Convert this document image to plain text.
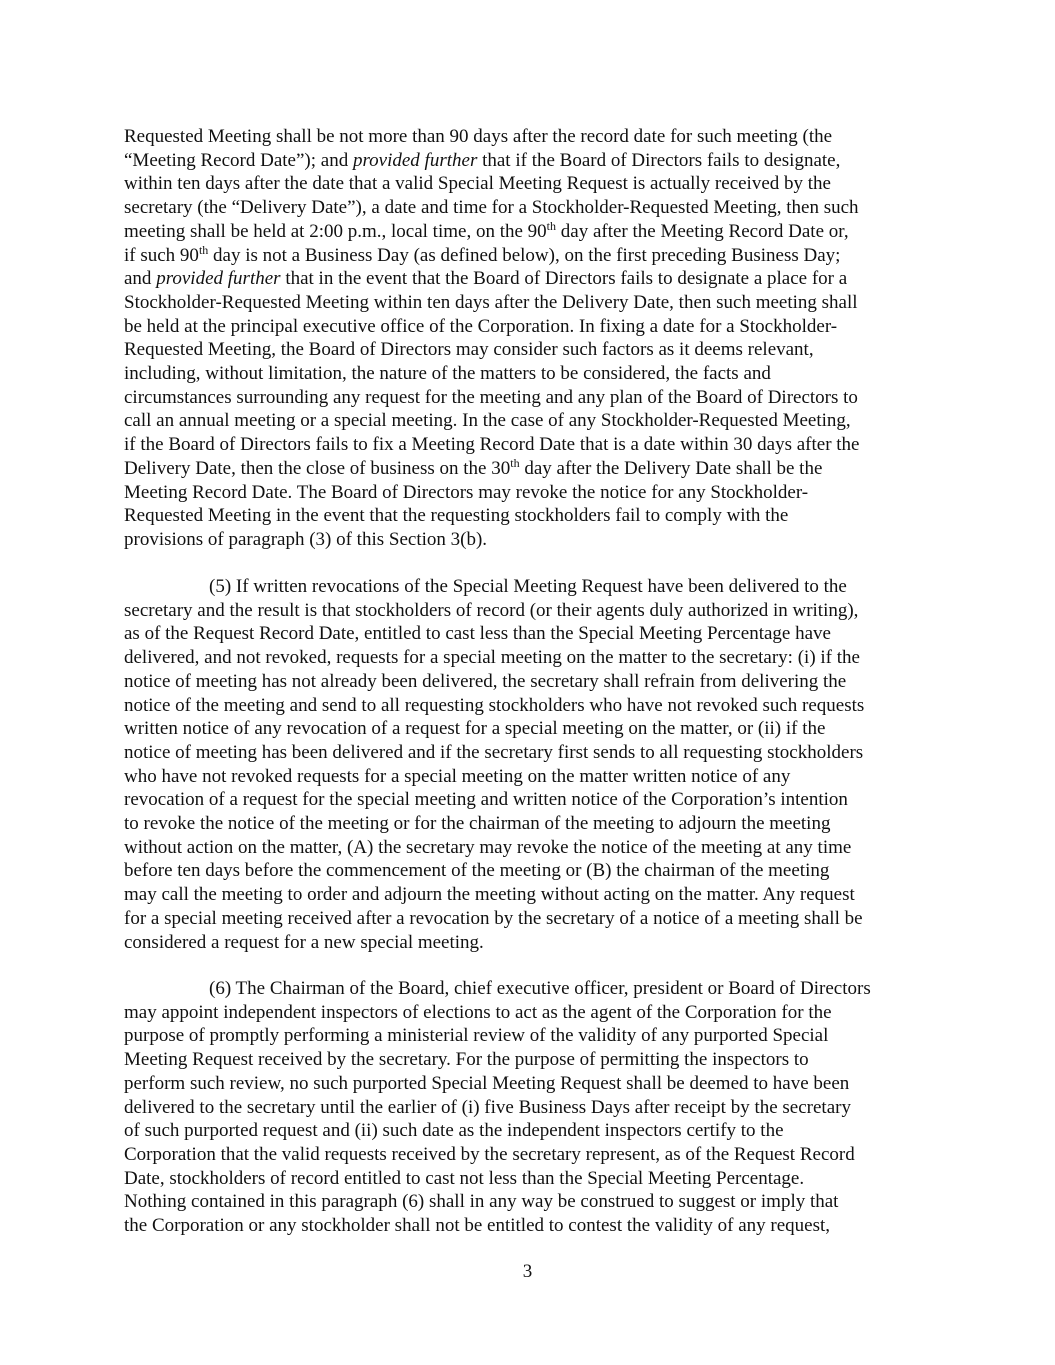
Requested Meeting shall be not more than 90 days after the record date for such meeting (the
“Meeting Record Date”); and provided further that if the Board of Directors fails to designate,
within ten days after the date that a valid Special Meeting Request is actually received by the
secretary (the “Delivery Date”), a date and time for a Stockholder-Requested Meeting, then such
meeting shall be held at 2:00 p.m., local time, on the 90th day after the Meeting Record Date or,
if such 90th day is not a Business Day (as defined below), on the first preceding Business Day;
and provided further that in the event that the Board of Directors fails to designate a place for a
Stockholder-Requested Meeting within ten days after the Delivery Date, then such meeting shall
be held at the principal executive office of the Corporation. In fixing a date for a Stockholder-
Requested Meeting, the Board of Directors may consider such factors as it deems relevant,
including, without limitation, the nature of the matters to be considered, the facts and
circumstances surrounding any request for the meeting and any plan of the Board of Directors to
call an annual meeting or a special meeting. In the case of any Stockholder-Requested Meeting,
if the Board of Directors fails to fix a Meeting Record Date that is a date within 30 days after the
Delivery Date, then the close of business on the 30th day after the Delivery Date shall be the
Meeting Record Date. The Board of Directors may revoke the notice for any Stockholder-
Requested Meeting in the event that the requesting stockholders fail to comply with the
provisions of paragraph (3) of this Section 3(b).
(5) If written revocations of the Special Meeting Request have been delivered to the
secretary and the result is that stockholders of record (or their agents duly authorized in writing),
as of the Request Record Date, entitled to cast less than the Special Meeting Percentage have
delivered, and not revoked, requests for a special meeting on the matter to the secretary: (i) if the
notice of meeting has not already been delivered, the secretary shall refrain from delivering the
notice of the meeting and send to all requesting stockholders who have not revoked such requests
written notice of any revocation of a request for a special meeting on the matter, or (ii) if the
notice of meeting has been delivered and if the secretary first sends to all requesting stockholders
who have not revoked requests for a special meeting on the matter written notice of any
revocation of a request for the special meeting and written notice of the Corporation’s intention
to revoke the notice of the meeting or for the chairman of the meeting to adjourn the meeting
without action on the matter, (A) the secretary may revoke the notice of the meeting at any time
before ten days before the commencement of the meeting or (B) the chairman of the meeting
may call the meeting to order and adjourn the meeting without acting on the matter. Any request
for a special meeting received after a revocation by the secretary of a notice of a meeting shall be
considered a request for a new special meeting.
(6) The Chairman of the Board, chief executive officer, president or Board of Directors
may appoint independent inspectors of elections to act as the agent of the Corporation for the
purpose of promptly performing a ministerial review of the validity of any purported Special
Meeting Request received by the secretary. For the purpose of permitting the inspectors to
perform such review, no such purported Special Meeting Request shall be deemed to have been
delivered to the secretary until the earlier of (i) five Business Days after receipt by the secretary
of such purported request and (ii) such date as the independent inspectors certify to the
Corporation that the valid requests received by the secretary represent, as of the Request Record
Date, stockholders of record entitled to cast not less than the Special Meeting Percentage.
Nothing contained in this paragraph (6) shall in any way be construed to suggest or imply that
the Corporation or any stockholder shall not be entitled to contest the validity of any request,
3
